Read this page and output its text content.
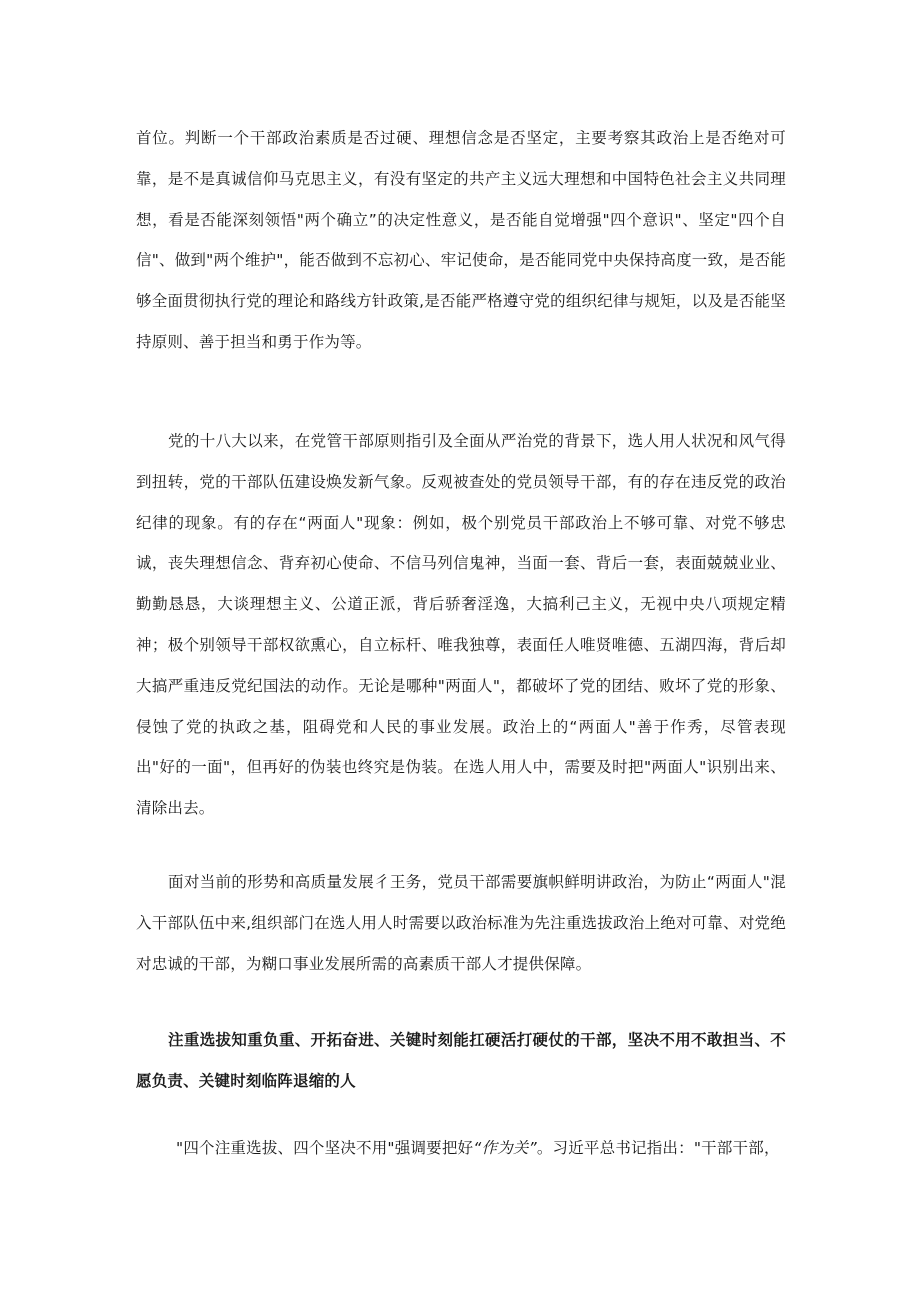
首位。判断一个干部政治素质是否过硬、理想信念是否坚定，主要考察其政治上是否绝对可靠，是不是真诚信仰马克思主义，有没有坚定的共产主义远大理想和中国特色社会主义共同理想，看是否能深刻领悟"两个确立”的决定性意义，是否能自觉增强"四个意识"、坚定"四个自信"、做到"两个维护"，能否做到不忘初心、牢记使命，是否能同党中央保持高度一致，是否能够全面贯彻执行党的理论和路线方针政策,是否能严格遵守党的组织纪律与规矩，以及是否能坚持原则、善于担当和勇于作为等。

党的十八大以来，在党管干部原则指引及全面从严治党的背景下，选人用人状况和风气得到扭转，党的干部队伍建设焕发新气象。反观被查处的党员领导干部，有的存在违反党的政治纪律的现象。有的存在“两面人"现象：例如，极个别党员干部政治上不够可靠、对党不够忠诚，丧失理想信念、背弃初心使命、不信马列信鬼神，当面一套、背后一套，表面兢兢业业、勤勤恳恳，大谈理想主义、公道正派，背后骄奢淫逸，大搞利己主义，无视中央八项规定精神；极个别领导干部权欲熏心，自立标杆、唯我独尊，表面任人唯贤唯德、五湖四海，背后却大搞严重违反党纪国法的动作。无论是哪种"两面人"，都破坏了党的团结、败坏了党的形象、侵蚀了党的执政之基，阻碍党和人民的事业发展。政治上的“两面人"善于作秀，尽管表现出"好的一面"，但再好的伪装也终究是伪装。在选人用人中，需要及时把"两面人"识别出来、清除出去。

面对当前的形势和高质量发展彳王务，党员干部需要旗帜鲜明讲政治，为防止“两面人"混入干部队伍中来,组织部门在选人用人时需要以政治标准为先注重选拔政治上绝对可靠、对党绝对忠诚的干部，为糊口事业发展所需的高素质干部人才提供保障。

注重选拔知重负重、开拓奋进、关键时刻能扛硬活打硬仗的干部，坚决不用不敢担当、不愿负责、关键时刻临阵退缩的人

"四个注重选拔、四个坚决不用"强调要把好“作为关”。习近平总书记指出："干部干部，
